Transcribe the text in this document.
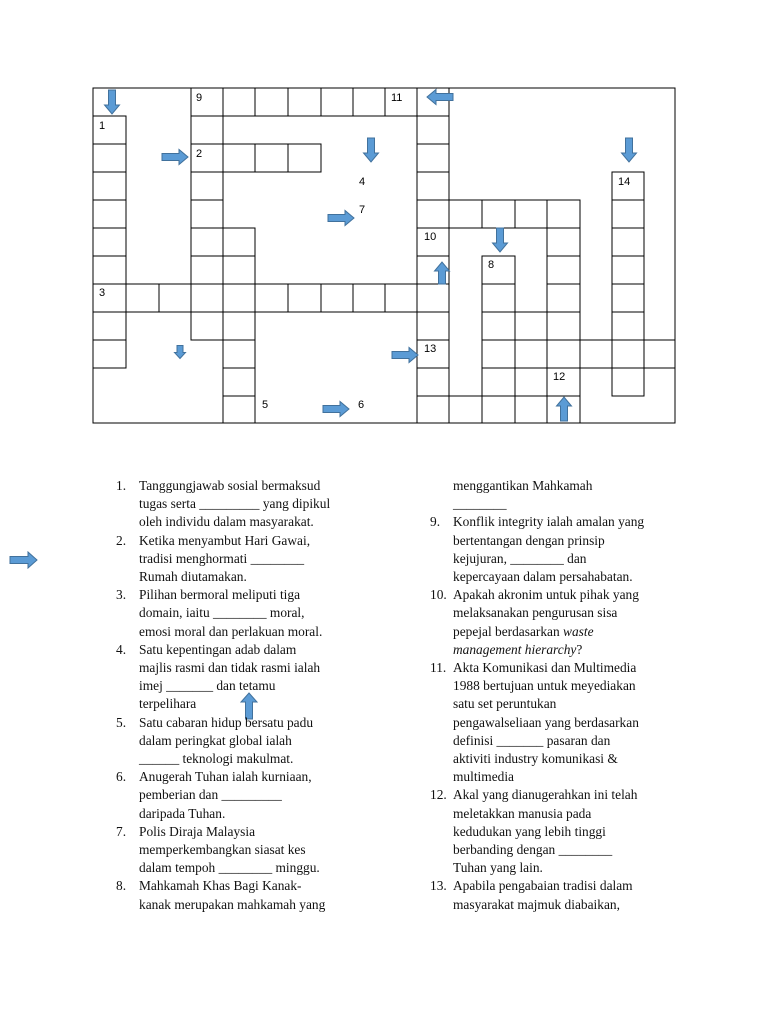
1
2
3
4
5	6
7
8
9
10
11
12
13
14
1. Tanggungjawab sosial bermaksud
tugas serta _________ yang dipikul
oleh individu dalam masyarakat.
2. Ketika menyambut Hari Gawai,
tradisi menghormati ________
Rumah diutamakan.
3. Pilihan bermoral meliputi tiga
domain, iaitu ________ moral,
emosi moral dan perlakuan moral.
4. Satu kepentingan adab dalam
majlis rasmi dan tidak rasmi ialah
imej _______ dan tetamu
terpelihara
5. Satu cabaran hidup bersatu padu
dalam peringkat global ialah
______ teknologi makulmat.
6. Anugerah Tuhan ialah kurniaan,
pemberian dan _________
daripada Tuhan.
7. Polis Diraja Malaysia
memperkembangkan siasat kes
dalam tempoh ________ minggu.
8. Mahkamah Khas Bagi Kanak-
kanak merupakan mahkamah yang
menggantikan Mahkamah
________
9. Konflik integrity ialah amalan yang
bertentangan dengan prinsip
kejujuran, ________ dan
kepercayaan dalam persahabatan.
10. Apakah akronim untuk pihak yang
melaksanakan pengurusan sisa
pepejal berdasarkan waste
management hierarchy?
11. Akta Komunikasi dan Multimedia
1988 bertujuan untuk meyediakan
satu set peruntukan
pengawalseliaan yang berdasarkan
definisi _______ pasaran dan
aktiviti industry komunikasi &
multimedia
12. Akal yang dianugerahkan ini telah
meletakkan manusia pada
kedudukan yang lebih tinggi
berbanding dengan ________
Tuhan yang lain.
13. Apabila pengabaian tradisi dalam
masyarakat majmuk diabaikan,
